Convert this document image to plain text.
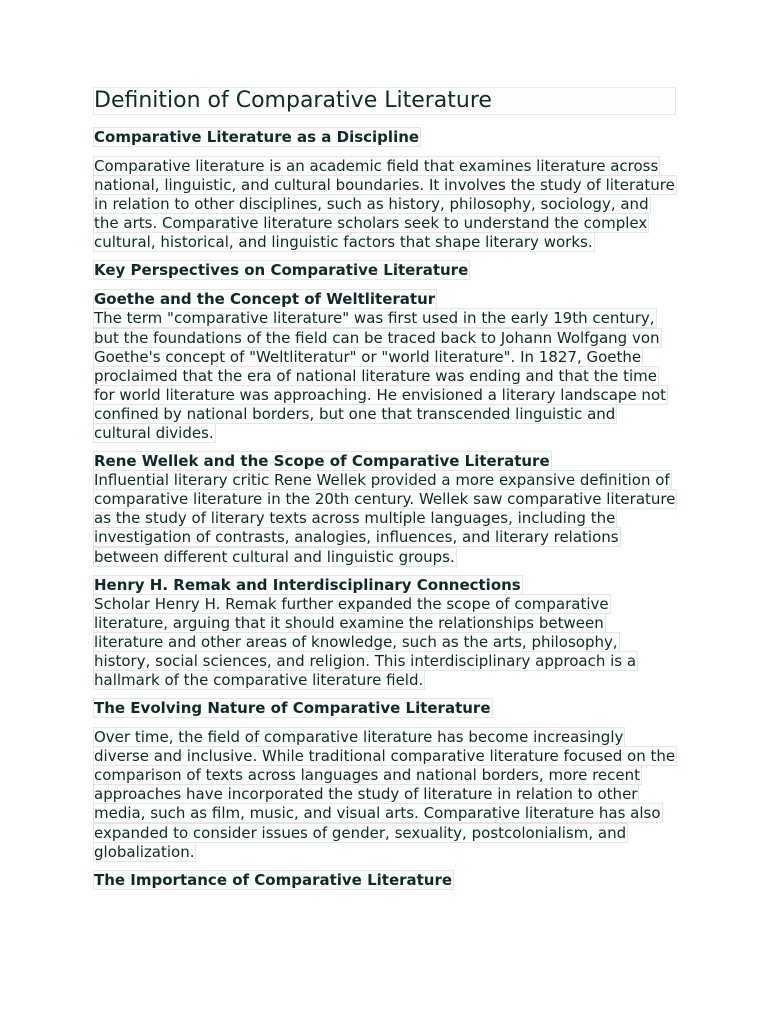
Definition of Comparative Literature
Comparative Literature as a Discipline

Comparative literature is an academic field that examines literature across national, linguistic, and cultural boundaries. It involves the study of literature in relation to other disciplines, such as history, philosophy, sociology, and the arts. Comparative literature scholars seek to understand the complex cultural, historical, and linguistic factors that shape literary works.

Key Perspectives on Comparative Literature
Goethe and the Concept of Weltliteratur

The term "comparative literature" was first used in the early 19th century, but the foundations of the field can be traced back to Johann Wolfgang von Goethe's concept of "Weltliteratur" or "world literature". In 1827, Goethe proclaimed that the era of national literature was ending and that the time for world literature was approaching. He envisioned a literary landscape not confined by national borders, but one that transcended linguistic and cultural divides.

Rene Wellek and the Scope of Comparative Literature

Influential literary critic Rene Wellek provided a more expansive definition of comparative literature in the 20th century. Wellek saw comparative literature as the study of literary texts across multiple languages, including the investigation of contrasts, analogies, influences, and literary relations between different cultural and linguistic groups.

Henry H. Remak and Interdisciplinary Connections

Scholar Henry H. Remak further expanded the scope of comparative literature, arguing that it should examine the relationships between literature and other areas of knowledge, such as the arts, philosophy, history, social sciences, and religion. This interdisciplinary approach is a hallmark of the comparative literature field.

The Evolving Nature of Comparative Literature

Over time, the field of comparative literature has become increasingly diverse and inclusive. While traditional comparative literature focused on the comparison of texts across languages and national borders, more recent approaches have incorporated the study of literature in relation to other media, such as film, music, and visual arts. Comparative literature has also expanded to consider issues of gender, sexuality, postcolonialism, and globalization.

The Importance of Comparative Literature
